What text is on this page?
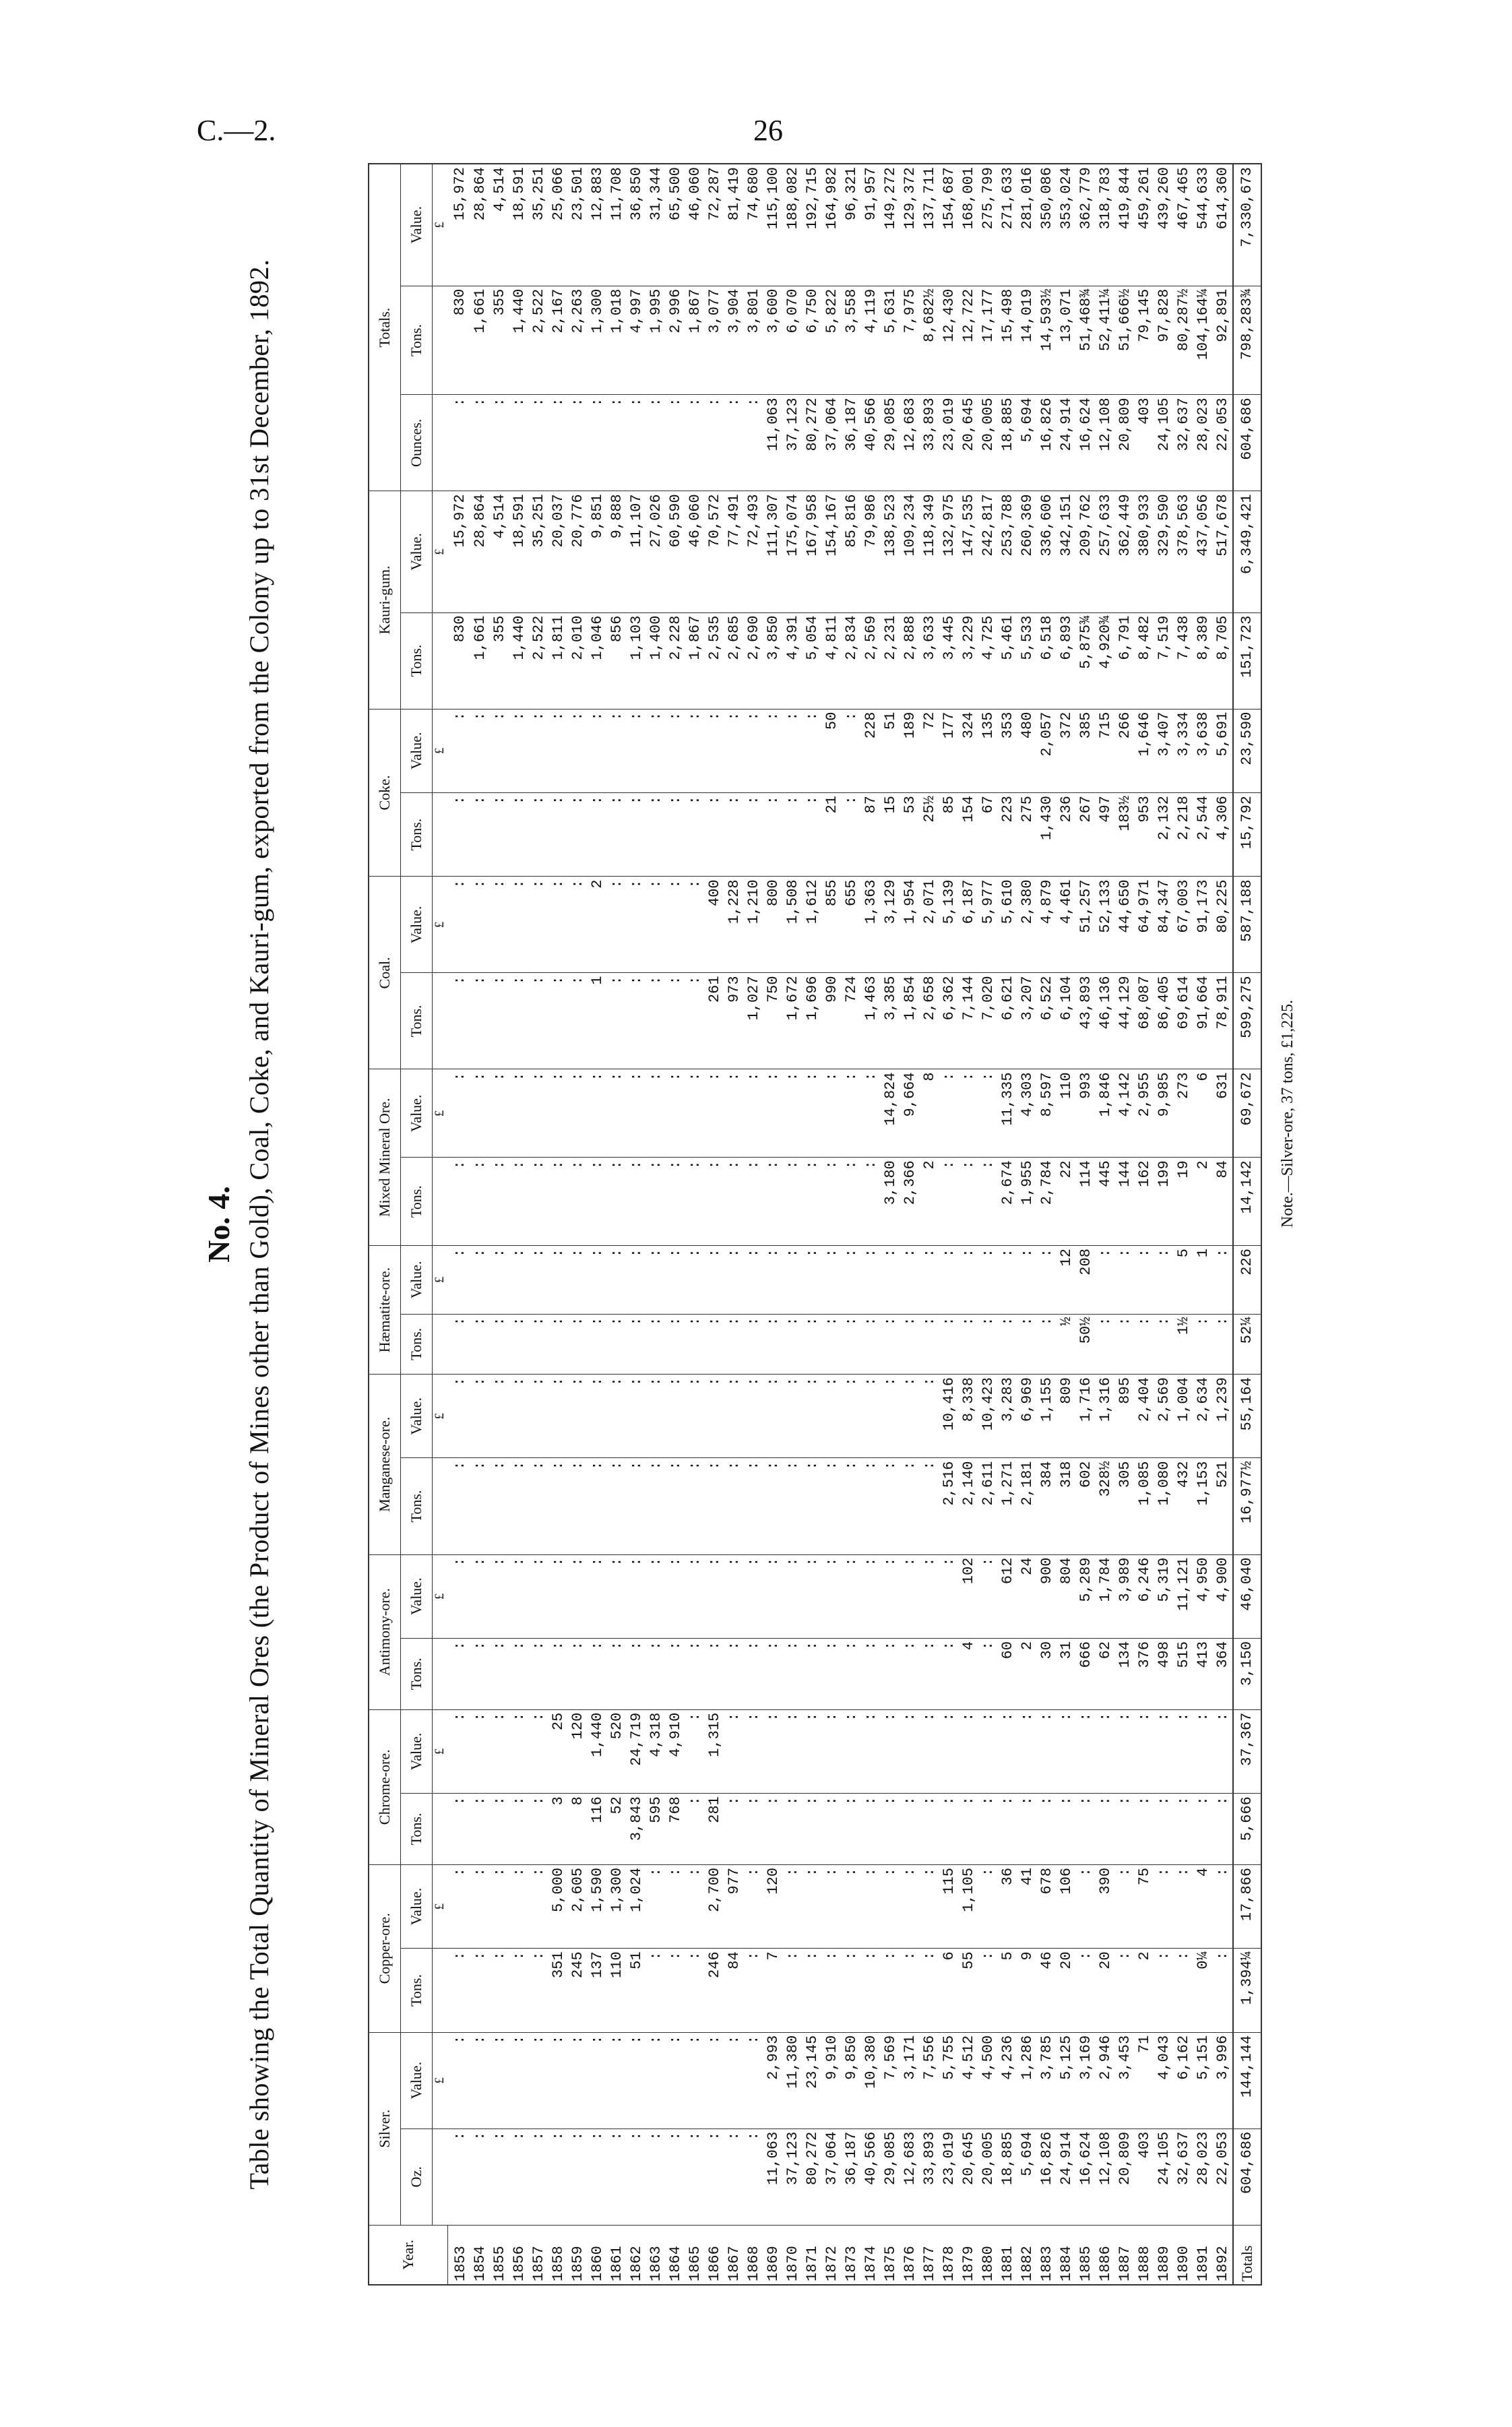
C.—2.	26
No. 4. Table showing the Total Quantity of Mineral Ores (the Product of Mines other than Gold), Coal, Coke, and Kauri-gum, exported from the Colony up to 31st December, 1892.
Year.	Silver.		Copper-ore.		Chrome-ore.		Antimony-ore.		Manganese-ore.		Hæmatite-ore.		Mixed Mineral Ore.		Coal.		Coke.		Kauri-gum.		Totals.		
	Oz.	Value.	Tons.	Value.	Tons.	Value.	Tons.	Value.	Tons.	Value.	Tons.	Value.	Tons.	Value.	Tons.	Value.	Tons.	Value.	Tons.	Value.	Ounces.	Tons.	Value.
		£		£		£		£		£		£		£		£		£		£			£
1853	:	:	:	:	:	:	:	:	:	:	:	:	:	:	:	:	:	:	830	15,972	:	830	15,972
1854	:	:	:	:	:	:	:	:	:	:	:	:	:	:	:	:	:	:	1,661	28,864	:	1,661	28,864
1855	:	:	:	:	:	:	:	:	:	:	:	:	:	:	:	:	:	:	355	4,514	:	355	4,514
1856	:	:	:	:	:	:	:	:	:	:	:	:	:	:	:	:	:	:	1,440	18,591	:	1,440	18,591
1857	:	:	:	:	:	:	:	:	:	:	:	:	:	:	:	:	:	:	2,522	35,251	:	2,522	35,251
1858	:	:	351	5,000	3	25	:	:	:	:	:	:	:	:	:	:	:	:	1,811	20,037	:	2,167	25,066
1859	:	:	245	2,605	8	120	:	:	:	:	:	:	:	:	:	:	:	:	2,010	20,776	:	2,263	23,501
1860	:	:	137	1,590	116	1,440	:	:	:	:	:	:	:	:	1	2	:	:	1,046	9,851	:	1,300	12,883
1861	:	:	110	1,300	52	520	:	:	:	:	:	:	:	:	:	:	:	:	856	9,888	:	1,018	11,708
1862	:	:	51	1,024	3,843	24,719	:	:	:	:	:	:	:	:	:	:	:	:	1,103	11,107	:	4,997	36,850
1863	:	:	:	:	595	4,318	:	:	:	:	:	:	:	:	:	:	:	:	1,400	27,026	:	1,995	31,344
1864	:	:	:	:	768	4,910	:	:	:	:	:	:	:	:	:	:	:	:	2,228	60,590	:	2,996	65,500
1865	:	:	:	:	:	:	:	:	:	:	:	:	:	:	:	:	:	:	1,867	46,060	:	1,867	46,060
1866	:	:	246	2,700	281	1,315	:	:	:	:	:	:	:	:	261	400	:	:	2,535	70,572	:	3,077	72,287
1867	:	:	84	977	:	:	:	:	:	:	:	:	:	:	973	1,228	:	:	2,685	77,491	:	3,904	81,419
1868	:	:	:	:	:	:	:	:	:	:	:	:	:	:	1,027	1,210	:	:	2,690	72,493	:	3,801	74,680
1869	11,063	2,993	7	120	:	:	:	:	:	:	:	:	:	:	750	800	:	:	3,850	111,307	11,063	3,600	115,100
1870	37,123	11,380	:	:	:	:	:	:	:	:	:	:	:	:	1,672	1,508	:	:	4,391	175,074	37,123	6,070	188,082
1871	80,272	23,145	:	:	:	:	:	:	:	:	:	:	:	:	1,696	1,612	:	:	5,054	167,958	80,272	6,750	192,715
1872	37,064	9,910	:	:	:	:	:	:	:	:	:	:	:	:	990	855	21	50	4,811	154,167	37,064	5,822	164,982
1873	36,187	9,850	:	:	:	:	:	:	:	:	:	:	:	:	724	655	:	:	2,834	85,816	36,187	3,558	96,321
1874	40,566	10,380	:	:	:	:	:	:	:	:	:	:	:	:	1,463	1,363	87	228	2,569	79,986	40,566	4,119	91,957
1875	29,085	7,569	:	:	:	:	:	:	:	:	:	:	3,180	14,824	3,385	3,129	15	51	2,231	138,523	29,085	5,631	149,272
1876	12,683	3,171	:	:	:	:	:	:	:	:	:	:	2,366	9,664	1,854	1,954	53	189	2,888	109,234	12,683	7,975	129,372
1877	33,893	7,556	:	:	:	:	:	:	:	:	:	:	2	8	2,658	2,071	25½	72	3,633	118,349	33,893	8,682½	137,711
1878	23,019	5,755	6	115	:	:	:	:	2,516	10,416	:	:	:	:	6,362	5,139	85	177	3,445	132,975	23,019	12,430	154,687
1879	20,645	4,512	55	1,105	:	:	4	102	2,140	8,338	:	:	:	:	7,144	6,187	154	324	3,229	147,535	20,645	12,722	168,001
1880	20,005	4,500	:	:	:	:	:	:	2,611	10,423	:	:	:	:	7,020	5,977	67	135	4,725	242,817	20,005	17,177	275,799
1881	18,885	4,236	5	36	:	:	60	612	1,271	3,283	:	:	2,674	11,335	6,621	5,610	223	353	5,461	253,788	18,885	15,498	271,633
1882	5,694	1,286	9	41	:	:	2	24	2,181	6,969	:	:	1,955	4,303	3,207	2,380	275	480	5,533	260,369	5,694	14,019	281,016
1883	16,826	3,785	46	678	:	:	30	900	384	1,155	:	:	2,784	8,597	6,522	4,879	1,430	2,057	6,518	336,606	16,826	14,593½	350,086
1884	24,914	5,125	20	106	:	:	31	804	318	809	½	12	22	110	6,104	4,461	236	372	6,893	342,151	24,914	13,071	353,024
1885	16,624	3,169	:	:	:	:	666	5,289	602	1,716	50½	208	114	993	43,893	51,257	267	385	5,875¾	209,762	16,624	51,468¾	362,779
1886	12,108	2,946	20	390	:	:	62	1,784	328½	1,316	:	:	445	1,846	46,136	52,133	497	715	4,920¾	257,633	12,108	52,411¼	318,783
1887	20,809	3,453	:	:	:	:	134	3,989	305	895	:	:	144	4,142	44,129	44,650	183½	266	6,791	362,449	20,809	51,666½	419,844
1888	403	71	2	75	:	:	376	6,246	1,085	2,404	:	:	162	2,955	68,087	64,971	953	1,646	8,482	380,933	403	79,145	459,261
1889	24,105	4,043	:	:	:	:	498	5,319	1,080	2,569	:	:	199	9,985	86,405	84,347	2,132	3,407	7,519	329,590	24,105	97,828	439,260
1890	32,637	6,162	:	:	:	:	515	11,121	432	1,004	1½	5	19	273	69,614	67,003	2,218	3,334	7,438	378,563	32,637	80,287½	467,465
1891	28,023	5,151	0¼	4	:	:	413	4,950	1,153	2,634	:	1	2	6	91,664	91,173	2,544	3,638	8,389	437,056	28,023	104,164¼	544,633
1892	22,053	3,996	:	:	:	:	364	4,900	521	1,239	:	:	84	631	78,911	80,225	4,306	5,691	8,705	517,678	22,053	92,891	614,360
Totals	604,686	144,144	1,394¼	17,866	5,666	37,367	3,150	46,040	16,977½	55,164	52¼	226	14,142	69,672	599,275	587,188	15,792	23,590	151,723	6,349,421	604,686	798,283¾	7,330,673
Note.—Silver-ore, 37 tons, £1,225.
